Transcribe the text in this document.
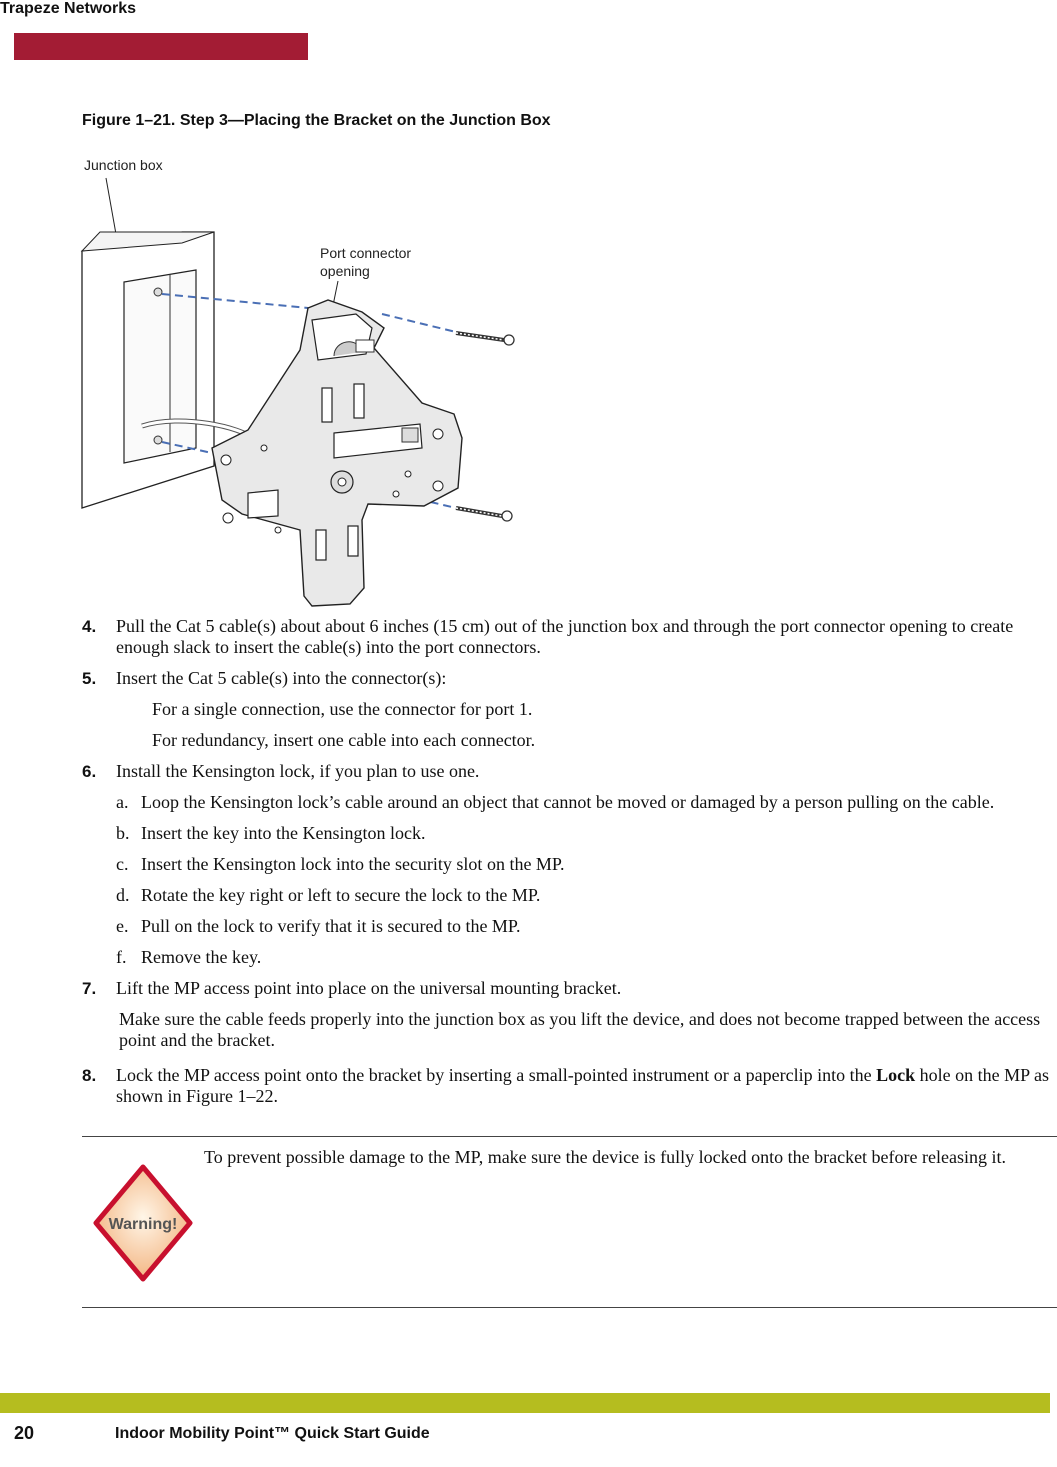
Trapeze Networks
Figure 1–21. Step 3—Placing the Bracket on the Junction Box
Junction box
Port connector
opening
4. Pull the Cat 5 cable(s) about about 6 inches (15 cm) out of the junction box and through the port connector opening to create enough slack to insert the cable(s) into the port connectors.
5. Insert the Cat 5 cable(s) into the connector(s):
For a single connection, use the connector for port 1.
For redundancy, insert one cable into each connector.
6. Install the Kensington lock, if you plan to use one.
a. Loop the Kensington lock’s cable around an object that cannot be moved or damaged by a person pulling on the cable.
b. Insert the key into the Kensington lock.
c. Insert the Kensington lock into the security slot on the MP.
d. Rotate the key right or left to secure the lock to the MP.
e. Pull on the lock to verify that it is secured to the MP.
f. Remove the key.
7. Lift the MP access point into place on the universal mounting bracket.
Make sure the cable feeds properly into the junction box as you lift the device, and does not become trapped between the access point and the bracket.
8. Lock the MP access point onto the bracket by inserting a small-pointed instrument or a paperclip into the Lock hole on the MP as shown in Figure 1–22.
Warning!
To prevent possible damage to the MP, make sure the device is fully locked onto the bracket before releasing it.
20	Indoor Mobility Point™ Quick Start Guide
